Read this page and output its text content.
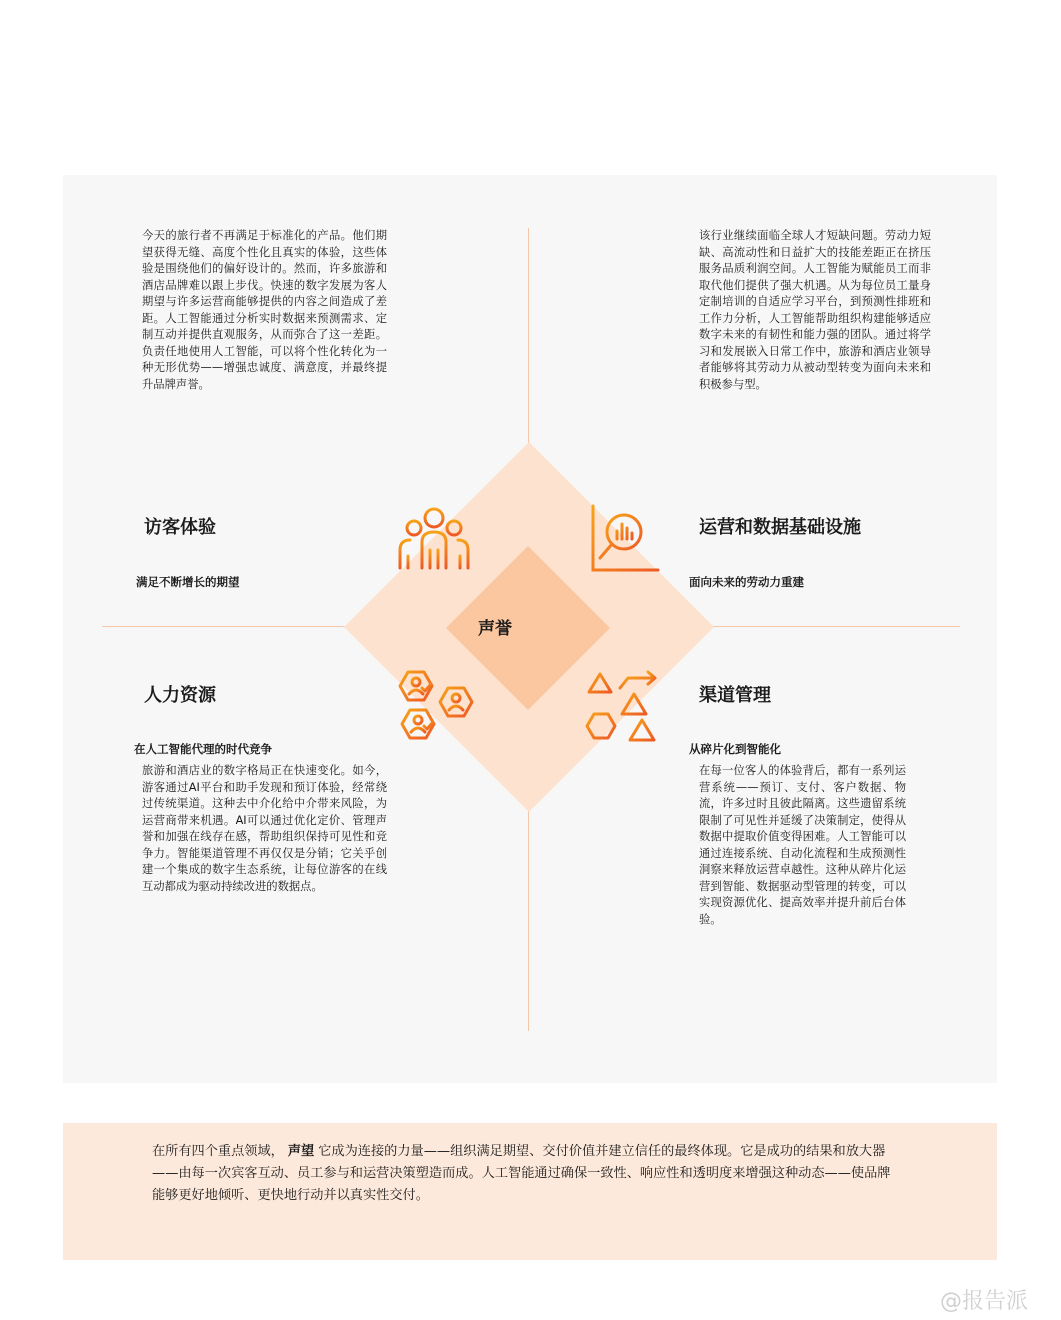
声誉
今天的旅行者不再满足于标准化的产品。他们期望获得无缝、高度个性化且真实的体验，这些体验是围绕他们的偏好设计的。然而，许多旅游和酒店品牌难以跟上步伐。快速的数字发展为客人期望与许多运营商能够提供的内容之间造成了差距。人工智能通过分析实时数据来预测需求、定制互动并提供直观服务，从而弥合了这一差距。负责任地使用人工智能，可以将个性化转化为一种无形优势——增强忠诚度、满意度，并最终提升品牌声誉。
访客体验
满足不断增长的期望
该行业继续面临全球人才短缺问题。劳动力短缺、高流动性和日益扩大的技能差距正在挤压服务品质利润空间。人工智能为赋能员工而非取代他们提供了强大机遇。从为每位员工量身定制培训的自适应学习平台，到预测性排班和工作力分析，人工智能帮助组织构建能够适应数字未来的有韧性和能力强的团队。通过将学习和发展嵌入日常工作中，旅游和酒店业领导者能够将其劳动力从被动型转变为面向未来和积极参与型。
运营和数据基础设施
面向未来的劳动力重建
人力资源
在人工智能代理的时代竞争
旅游和酒店业的数字格局正在快速变化。如今，游客通过AI平台和助手发现和预订体验，经常绕过传统渠道。这种去中介化给中介带来风险，为运营商带来机遇。AI可以通过优化定价、管理声誉和加强在线存在感，帮助组织保持可见性和竞争力。智能渠道管理不再仅仅是分销；它关乎创建一个集成的数字生态系统，让每位游客的在线互动都成为驱动持续改进的数据点。
渠道管理
从碎片化到智能化
在每一位客人的体验背后，都有一系列运营系统——预订、支付、客户数据、物流，许多过时且彼此隔离。这些遗留系统限制了可见性并延缓了决策制定，使得从数据中提取价值变得困难。人工智能可以通过连接系统、自动化流程和生成预测性洞察来释放运营卓越性。这种从碎片化运营到智能、数据驱动型管理的转变，可以实现资源优化、提高效率并提升前后台体验。
在所有四个重点领域， 声望 它成为连接的力量——组织满足期望、交付价值并建立信任的最终体现。它是成功的结果和放大器——由每一次宾客互动、员工参与和运营决策塑造而成。人工智能通过确保一致性、响应性和透明度来增强这种动态——使品牌能够更好地倾听、更快地行动并以真实性交付。
@报告派
